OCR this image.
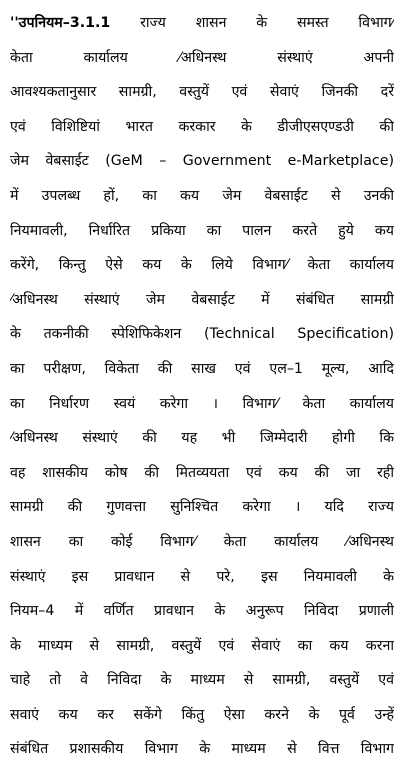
''उपनियम–3.1.1 राज्य शासन के समस्त विभाग⁄
केता कार्यालय ⁄अधिनस्थ संस्थाएं अपनी
आवश्यकतानुसार सामग्री, वस्तुयें एवं सेवाएं जिनकी दरें
एवं विशिष्टियां भारत करकार के डीजीएसएण्डउी की
जेम वेबसाईट (GeM – Government e-Marketplace)
में उपलब्ध हों, का कय जेम वेबसाईट से उनकी
नियमावली, निर्धारित प्रकिया का पालन करते हुये कय
करेंगे, किन्तु ऐसे कय के लिये विभाग⁄ केता कार्यालय
⁄अधिनस्थ संस्थाएं जेम वेबसाईट में संबंधित सामग्री
के तकनीकी स्पेशिफिकेशन (Technical Specification)
का परीक्षण, विकेता की साख एवं एल–1 मूल्य, आदि
का निर्धारण स्वयं करेगा । विभाग⁄ केता कार्यालय
⁄अधिनस्थ संस्थाएं की यह भी जिम्मेदारी होगी कि
वह शासकीय कोष की मितव्ययता एवं कय की जा रही
सामग्री की गुणवत्ता सुनिश्चित करेगा । यदि राज्य
शासन का कोई विभाग⁄ केता कार्यालय ⁄अधिनस्थ
संस्थाएं इस प्रावधान से परे, इस नियमावली के
नियम–4 में वर्णित प्रावधान के अनुरूप निविदा प्रणाली
के माध्यम से सामग्री, वस्तुयें एवं सेवाएं का कय करना
चाहे तो वे निविदा के माध्यम से सामग्री, वस्तुयें एवं
सवाएं कय कर सकेंगे किंतु ऐसा करने के पूर्व उन्हें
संबंधित प्रशासकीय विभाग के माध्यम से वित्त विभाग
